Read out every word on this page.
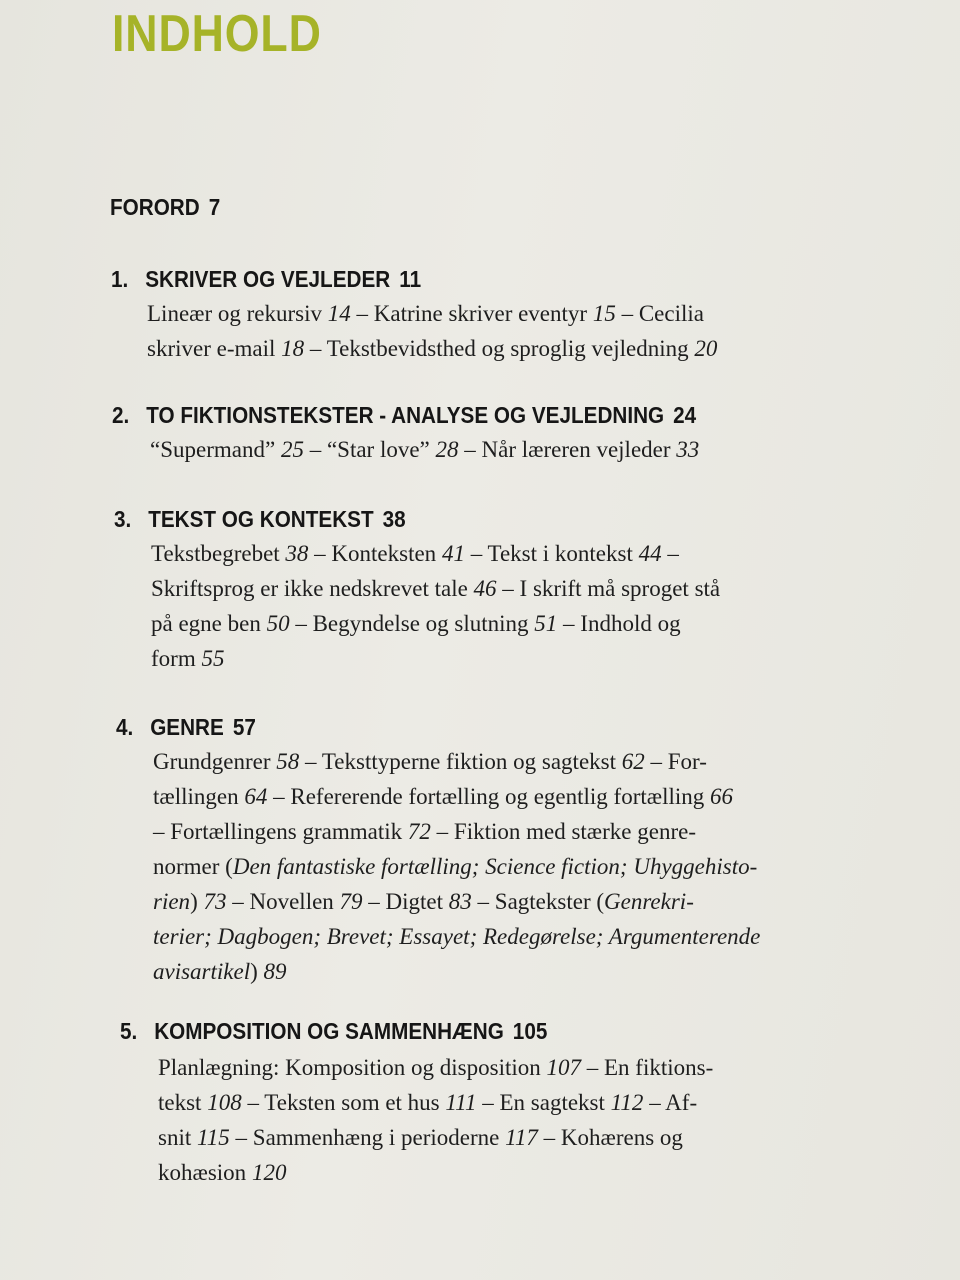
INDHOLD
FORORD 7
1. SKRIVER OG VEJLEDER 11
Lineær og rekursiv 14 – Katrine skriver eventyr 15 – Cecilia
skriver e-mail 18 – Tekstbevidsthed og sproglig vejledning 20
2. TO FIKTIONSTEKSTER - ANALYSE OG VEJLEDNING 24
“Supermand” 25 – “Star love” 28 – Når læreren vejleder 33
3. TEKST OG KONTEKST 38
Tekstbegrebet 38 – Konteksten 41 – Tekst i kontekst 44 –
Skriftsprog er ikke nedskrevet tale 46 – I skrift må sproget stå
på egne ben 50 – Begyndelse og slutning 51 – Indhold og
form 55
4. GENRE 57
Grundgenrer 58 – Teksttyperne fiktion og sagtekst 62 – For-
tællingen 64 – Refererende fortælling og egentlig fortælling 66
– Fortællingens grammatik 72 – Fiktion med stærke genre-
normer (Den fantastiske fortælling; Science fiction; Uhyggehisto-
rien) 73 – Novellen 79 – Digtet 83 – Sagtekster (Genrekri-
terier; Dagbogen; Brevet; Essayet; Redegørelse; Argumenterende
avisartikel) 89
5. KOMPOSITION OG SAMMENHÆNG 105
Planlægning: Komposition og disposition 107 – En fiktions-
tekst 108 – Teksten som et hus 111 – En sagtekst 112 – Af-
snit 115 – Sammenhæng i perioderne 117 – Kohærens og
kohæsion 120
